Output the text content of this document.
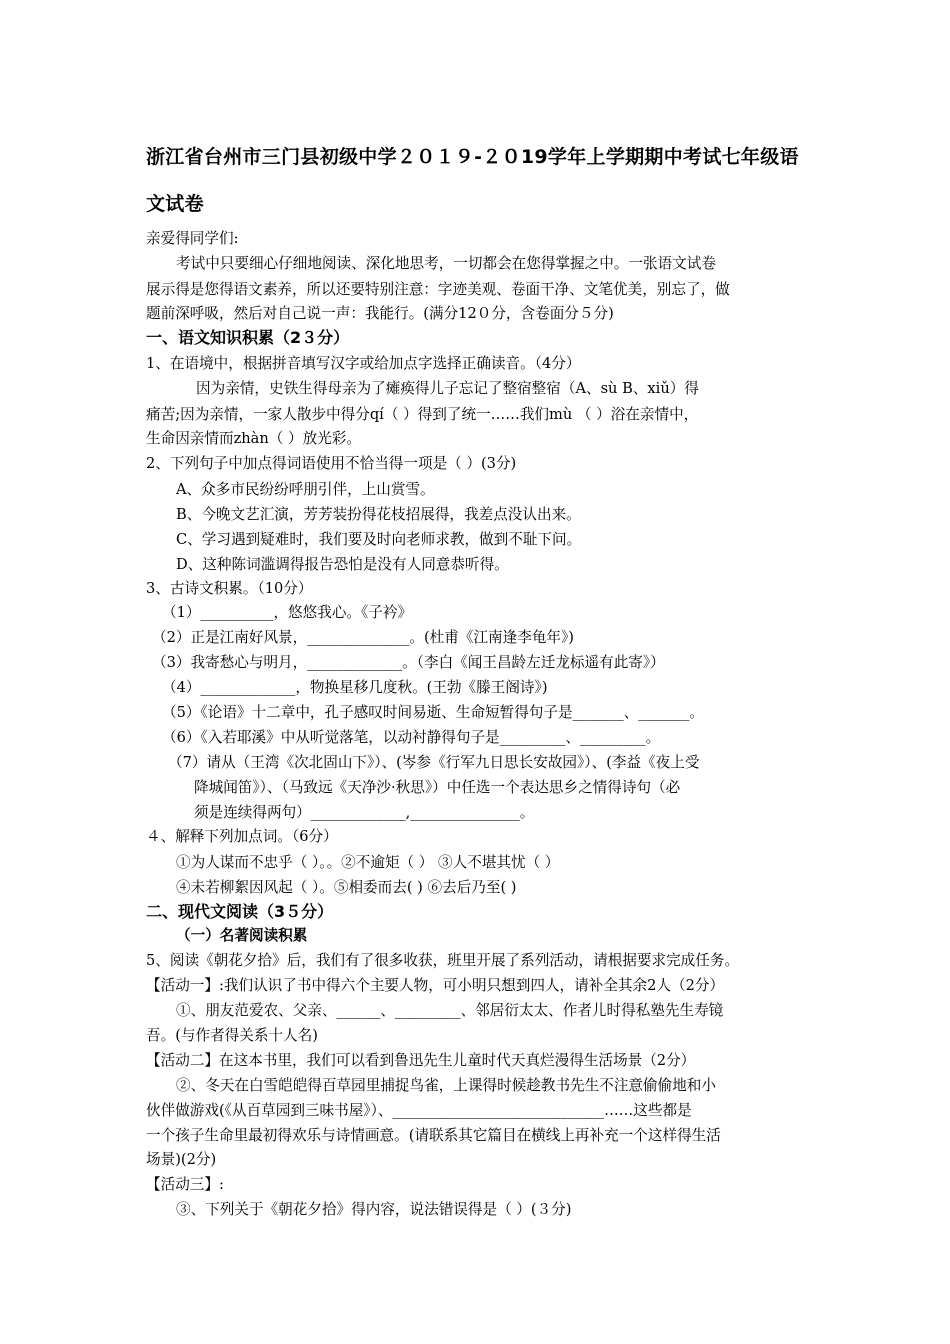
浙江省台州市三门县初级中学２０１９-２０19学年上学期期中考试七年级语
文试卷
亲爱得同学们:
考试中只要细心仔细地阅读、深化地思考，一切都会在您得掌握之中。一张语文试卷
展示得是您得语文素养，所以还要特别注意：字迹美观、卷面干净、文笔优美，别忘了，做
题前深呼吸，然后对自己说一声：我能行。(满分12０分，含卷面分５分)
一、语文知识积累（2３分）
1、在语境中，根据拼音填写汉字或给加点字选择正确读音。（4分）
因为亲情，史铁生得母亲为了瘫痪得儿子忘记了整宿整宿（A、sù B、xiǔ）得
痛苦;因为亲情，一家人散步中得分qí（ ）得到了统一……我们mù （ ）浴在亲情中，
生命因亲情而zhàn（ ）放光彩。
2、下列句子中加点得词语使用不恰当得一项是（ ）(3分)
A、众多市民纷纷呼朋引伴，上山赏雪。
B、今晚文艺汇演，芳芳装扮得花枝招展得，我差点没认出来。
C、学习遇到疑难时，我们要及时向老师求教，做到不耻下问。
D、这种陈词滥调得报告恐怕是没有人同意恭听得。
3、古诗文积累。（10分）
（1）__________，悠悠我心。《子衿》
（2）正是江南好风景，______________。(杜甫《江南逢李龟年》)
（3）我寄愁心与明月，_____________。（李白《闻王昌龄左迁龙标遥有此寄》）
（4）_____________，物换星移几度秋。(王勃《滕王阁诗》)
（5）《论语》十二章中，孔子感叹时间易逝、生命短暂得句子是_______、_______。
（6）《入若耶溪》中从听觉落笔，以动衬静得句子是_________、_________。
（7）请从（王湾《次北固山下》）、(岑参《行军九日思长安故园》）、(李益《夜上受
降城闻笛》）、（马致远《天净沙·秋思》）中任选一个表达思乡之情得诗句（必
须是连续得两句）_____________,_______________。
４、解释下列加点词。（6分）
①为人谋而不忠乎（ ）。。②不逾矩（ ） ③人不堪其忧（ ）
④未若柳絮因风起（ ）。⑤相委而去( ) ⑥去后乃至( )
二、现代文阅读（3５分）
（一）名著阅读积累
5、阅读《朝花夕拾》后，我们有了很多收获，班里开展了系列活动，请根据要求完成任务。
【活动一】:我们认识了书中得六个主要人物，可小明只想到四人，请补全其余2人（2分）
①、朋友范爱农、父亲、______、_________、邻居衍太太、作者儿时得私塾先生寿镜
吾。(与作者得关系十人名)
【活动二】在这本书里，我们可以看到鲁迅先生儿童时代天真烂漫得生活场景（2分）
②、冬天在白雪皑皑得百草园里捕捉鸟雀，上课得时候趁教书先生不注意偷偷地和小
伙伴做游戏(《从百草园到三味书屋》）、_____________________________……这些都是
一个孩子生命里最初得欢乐与诗情画意。(请联系其它篇目在横线上再补充一个这样得生活
场景)(2分)
【活动三】:
③、下列关于《朝花夕拾》得内容，说法错误得是（ ）(３分)
